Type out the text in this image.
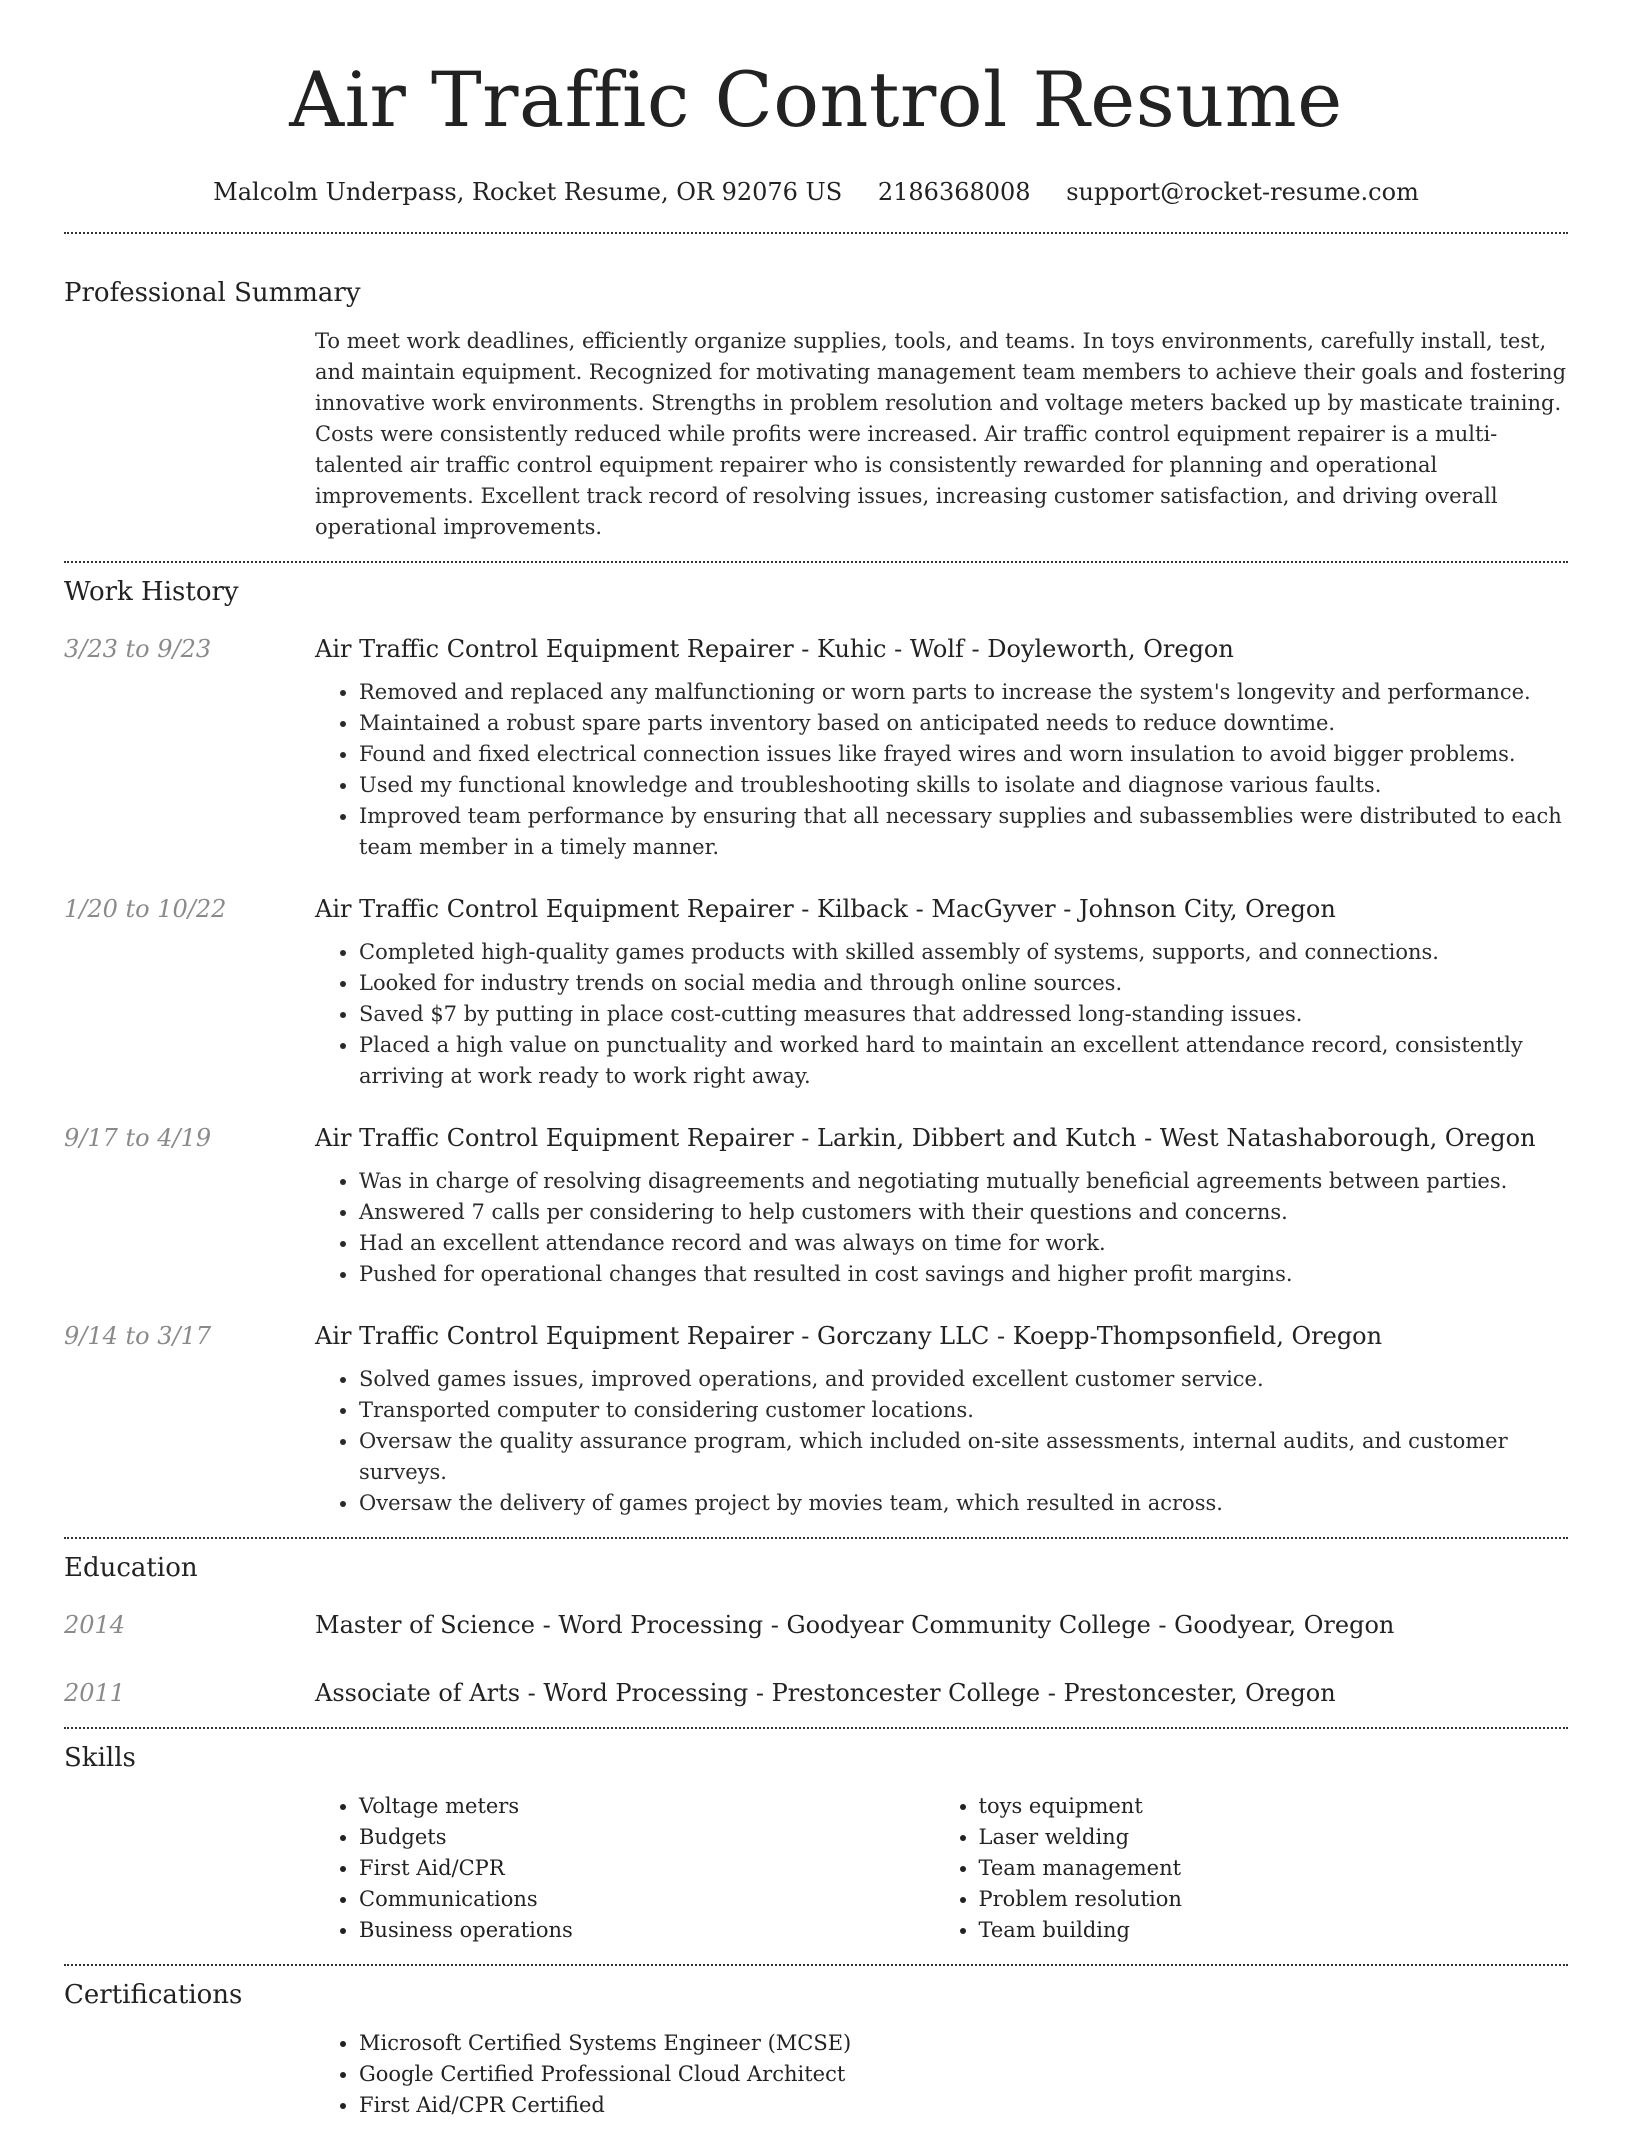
Air Traffic Control Resume
Malcolm Underpass, Rocket Resume, OR 92076 US 2186368008 support@rocket-resume.com
Professional Summary

To meet work deadlines, efficiently organize supplies, tools, and teams. In toys environments, carefully install, test, and maintain equipment. Recognized for motivating management team members to achieve their goals and fostering innovative work environments. Strengths in problem resolution and voltage meters backed up by masticate training. Costs were consistently reduced while profits were increased. Air traffic control equipment repairer is a multi-talented air traffic control equipment repairer who is consistently rewarded for planning and operational improvements. Excellent track record of resolving issues, increasing customer satisfaction, and driving overall operational improvements.

Work History
3/23 to 9/23	Air Traffic Control Equipment Repairer - Kuhic - Wolf - Doyleworth, Oregon
• Removed and replaced any malfunctioning or worn parts to increase the system's longevity and performance.
• Maintained a robust spare parts inventory based on anticipated needs to reduce downtime.
• Found and fixed electrical connection issues like frayed wires and worn insulation to avoid bigger problems.
• Used my functional knowledge and troubleshooting skills to isolate and diagnose various faults.
• Improved team performance by ensuring that all necessary supplies and subassemblies were distributed to each team member in a timely manner.
1/20 to 10/22	Air Traffic Control Equipment Repairer - Kilback - MacGyver - Johnson City, Oregon
• Completed high-quality games products with skilled assembly of systems, supports, and connections.
• Looked for industry trends on social media and through online sources.
• Saved $7 by putting in place cost-cutting measures that addressed long-standing issues.
• Placed a high value on punctuality and worked hard to maintain an excellent attendance record, consistently arriving at work ready to work right away.
9/17 to 4/19	Air Traffic Control Equipment Repairer - Larkin, Dibbert and Kutch - West Natashaborough, Oregon
• Was in charge of resolving disagreements and negotiating mutually beneficial agreements between parties.
• Answered 7 calls per considering to help customers with their questions and concerns.
• Had an excellent attendance record and was always on time for work.
• Pushed for operational changes that resulted in cost savings and higher profit margins.
9/14 to 3/17	Air Traffic Control Equipment Repairer - Gorczany LLC - Koepp-Thompsonfield, Oregon
• Solved games issues, improved operations, and provided excellent customer service.
• Transported computer to considering customer locations.
• Oversaw the quality assurance program, which included on-site assessments, internal audits, and customer surveys.
• Oversaw the delivery of games project by movies team, which resulted in across.
Education
2014	Master of Science - Word Processing - Goodyear Community College - Goodyear, Oregon
2011	Associate of Arts - Word Processing - Prestoncester College - Prestoncester, Oregon
Skills
• Voltage meters
• Budgets
• First Aid/CPR
• Communications
• Business operations
• toys equipment
• Laser welding
• Team management
• Problem resolution
• Team building
Certifications
• Microsoft Certified Systems Engineer (MCSE)
• Google Certified Professional Cloud Architect
• First Aid/CPR Certified
